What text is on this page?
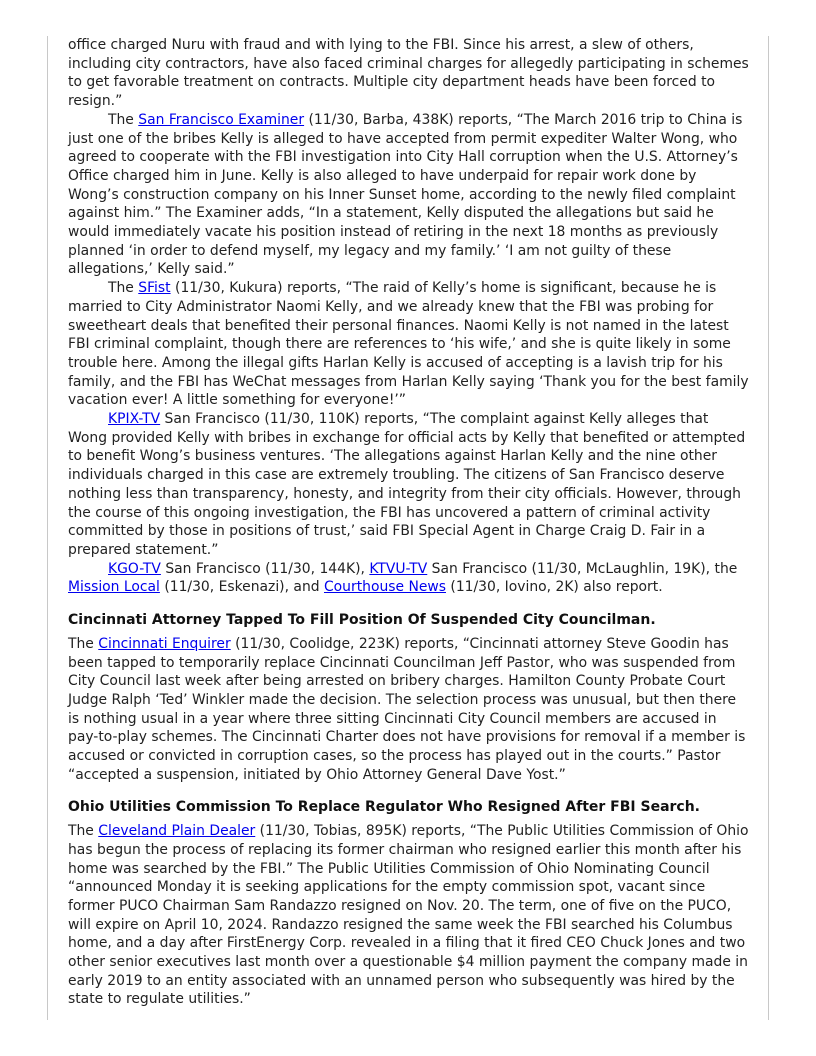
office charged Nuru with fraud and with lying to the FBI. Since his arrest, a slew of others, including city contractors, have also faced criminal charges for allegedly participating in schemes to get favorable treatment on contracts. Multiple city department heads have been forced to resign.”

The San Francisco Examiner (11/30, Barba, 438K) reports, “The March 2016 trip to China is just one of the bribes Kelly is alleged to have accepted from permit expediter Walter Wong, who agreed to cooperate with the FBI investigation into City Hall corruption when the U.S. Attorney’s Office charged him in June. Kelly is also alleged to have underpaid for repair work done by Wong’s construction company on his Inner Sunset home, according to the newly filed complaint against him.” The Examiner adds, “In a statement, Kelly disputed the allegations but said he would immediately vacate his position instead of retiring in the next 18 months as previously planned ‘in order to defend myself, my legacy and my family.’ ‘I am not guilty of these allegations,’ Kelly said.”

The SFist (11/30, Kukura) reports, “The raid of Kelly’s home is significant, because he is married to City Administrator Naomi Kelly, and we already knew that the FBI was probing for sweetheart deals that benefited their personal finances. Naomi Kelly is not named in the latest FBI criminal complaint, though there are references to ‘his wife,’ and she is quite likely in some trouble here. Among the illegal gifts Harlan Kelly is accused of accepting is a lavish trip for his family, and the FBI has WeChat messages from Harlan Kelly saying ‘Thank you for the best family vacation ever! A little something for everyone!’”

KPIX-TV San Francisco (11/30, 110K) reports, “The complaint against Kelly alleges that Wong provided Kelly with bribes in exchange for official acts by Kelly that benefited or attempted to benefit Wong’s business ventures. ‘The allegations against Harlan Kelly and the nine other individuals charged in this case are extremely troubling. The citizens of San Francisco deserve nothing less than transparency, honesty, and integrity from their city officials. However, through the course of this ongoing investigation, the FBI has uncovered a pattern of criminal activity committed by those in positions of trust,’ said FBI Special Agent in Charge Craig D. Fair in a prepared statement.”

KGO-TV San Francisco (11/30, 144K), KTVU-TV San Francisco (11/30, McLaughlin, 19K), the Mission Local (11/30, Eskenazi), and Courthouse News (11/30, Iovino, 2K) also report.

Cincinnati Attorney Tapped To Fill Position Of Suspended City Councilman.

The Cincinnati Enquirer (11/30, Coolidge, 223K) reports, “Cincinnati attorney Steve Goodin has been tapped to temporarily replace Cincinnati Councilman Jeff Pastor, who was suspended from City Council last week after being arrested on bribery charges. Hamilton County Probate Court Judge Ralph ‘Ted’ Winkler made the decision. The selection process was unusual, but then there is nothing usual in a year where three sitting Cincinnati City Council members are accused in pay-to-play schemes. The Cincinnati Charter does not have provisions for removal if a member is accused or convicted in corruption cases, so the process has played out in the courts.” Pastor “accepted a suspension, initiated by Ohio Attorney General Dave Yost.”

Ohio Utilities Commission To Replace Regulator Who Resigned After FBI Search.

The Cleveland Plain Dealer (11/30, Tobias, 895K) reports, “The Public Utilities Commission of Ohio has begun the process of replacing its former chairman who resigned earlier this month after his home was searched by the FBI.” The Public Utilities Commission of Ohio Nominating Council “announced Monday it is seeking applications for the empty commission spot, vacant since former PUCO Chairman Sam Randazzo resigned on Nov. 20. The term, one of five on the PUCO, will expire on April 10, 2024. Randazzo resigned the same week the FBI searched his Columbus home, and a day after FirstEnergy Corp. revealed in a filing that it fired CEO Chuck Jones and two other senior executives last month over a questionable $4 million payment the company made in early 2019 to an entity associated with an unnamed person who subsequently was hired by the state to regulate utilities.”
